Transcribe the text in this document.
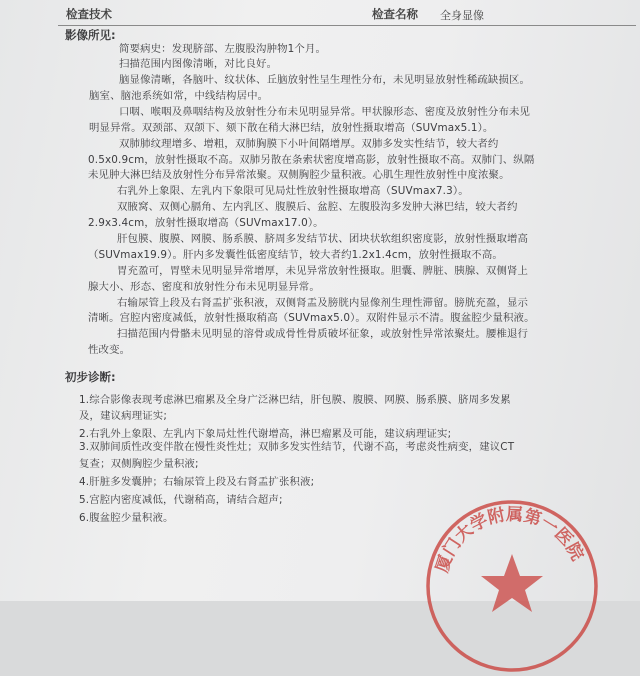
检查技术	检查名称 全身显像
影像所见:
简要病史：发现脐部、左腹股沟肿物1个月。
扫描范围内图像清晰，对比良好。
脑显像清晰，各脑叶、纹状体、丘脑放射性呈生理性分布，未见明显放射性稀疏缺损区。
脑室、脑池系统如常，中线结构居中。
口咽、喉咽及鼻咽结构及放射性分布未见明显异常。甲状腺形态、密度及放射性分布未见
明显异常。双颈部、双颌下、颏下散在稍大淋巴结，放射性摄取增高（SUVmax5.1）。
双肺肺纹理增多、增粗，双肺胸膜下小叶间隔增厚。双肺多发实性结节，较大者约
0.5x0.9cm，放射性摄取不高。双肺另散在条索状密度增高影，放射性摄取不高。双肺门、纵隔
未见肿大淋巴结及放射性分布异常浓聚。双侧胸腔少量积液。心肌生理性放射性中度浓聚。
右乳外上象限、左乳内下象限可见局灶性放射性摄取增高（SUVmax7.3）。
双腋窝、双侧心膈角、左内乳区、腹膜后、盆腔、左腹股沟多发肿大淋巴结，较大者约
2.9x3.4cm，放射性摄取增高（SUVmax17.0）。
肝包膜、腹膜、网膜、肠系膜、脐周多发结节状、团块状软组织密度影，放射性摄取增高
（SUVmax19.9）。肝内多发囊性低密度结节，较大者约1.2x1.4cm，放射性摄取不高。
胃充盈可，胃壁未见明显异常增厚，未见异常放射性摄取。胆囊、脾脏、胰腺、双侧肾上
腺大小、形态、密度和放射性分布未见明显异常。
右输尿管上段及右肾盂扩张积液，双侧肾盂及膀胱内显像剂生理性滞留。膀胱充盈，显示
清晰。宫腔内密度减低，放射性摄取稍高（SUVmax5.0）。双附件显示不清。腹盆腔少量积液。
扫描范围内骨骼未见明显的溶骨或成骨性骨质破坏征象，或放射性异常浓聚灶。腰椎退行
性改变。
初步诊断:
1.综合影像表现考虑淋巴瘤累及全身广泛淋巴结，肝包膜、腹膜、网膜、肠系膜、脐周多发累
及，建议病理证实;
2.右乳外上象限、左乳内下象局灶性代谢增高，淋巴瘤累及可能，建议病理证实;
3.双肺间质性改变伴散在慢性炎性灶；双肺多发实性结节，代谢不高，考虑炎性病变，建议CT
复查；双侧胸腔少量积液;
4.肝脏多发囊肿；右输尿管上段及右肾盂扩张积液;
5.宫腔内密度减低，代谢稍高，请结合超声;
6.腹盆腔少量积液。
厦门大学附属第一医院
